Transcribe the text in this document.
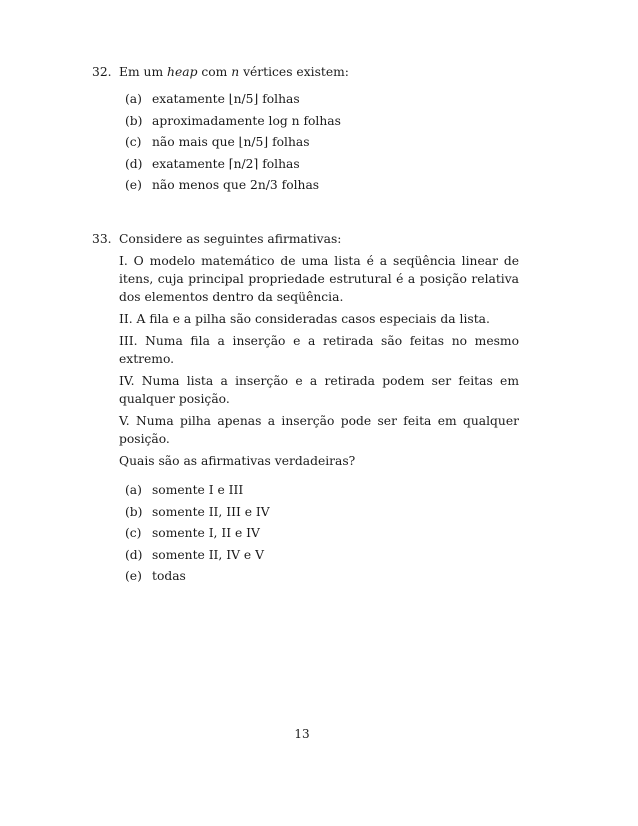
32. Em um heap com n vértices existem:
(a) exatamente ⌊n/5⌋ folhas
(b) aproximadamente log n folhas
(c) não mais que ⌊n/5⌋ folhas
(d) exatamente ⌈n/2⌉ folhas
(e) não menos que 2n/3 folhas
33. Considere as seguintes afirmativas:
I. O modelo matemático de uma lista é a seqüência linear de itens, cuja principal propriedade estrutural é a posição relativa dos elementos dentro da seqüência.
II. A fila e a pilha são consideradas casos especiais da lista.
III. Numa fila a inserção e a retirada são feitas no mesmo extremo.
IV. Numa lista a inserção e a retirada podem ser feitas em qualquer posição.
V. Numa pilha apenas a inserção pode ser feita em qualquer posição.
Quais são as afirmativas verdadeiras?
(a) somente I e III
(b) somente II, III e IV
(c) somente I, II e IV
(d) somente II, IV e V
(e) todas
13
